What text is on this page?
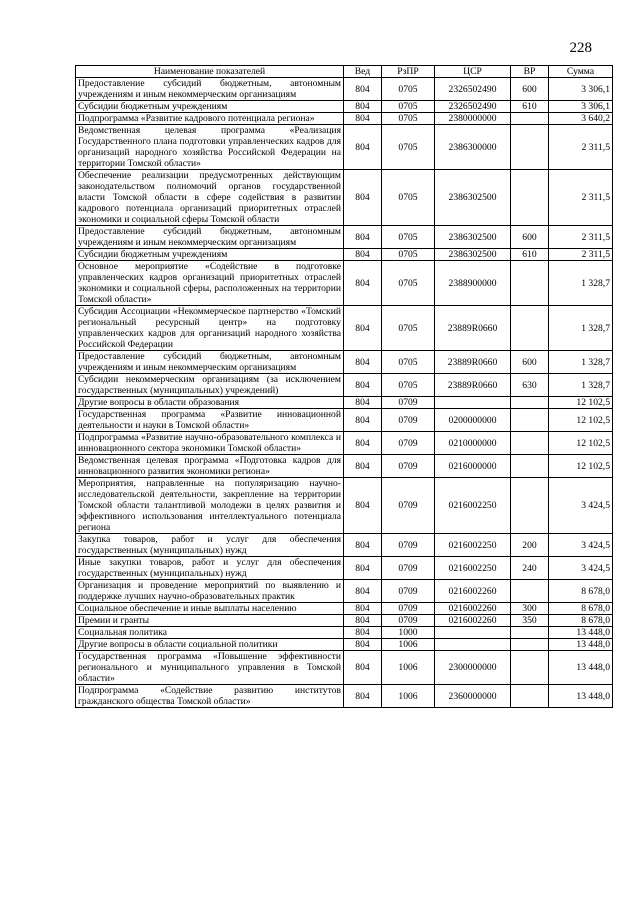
228
Наименование показателей	Вед	РзПР	ЦСР	ВР	Сумма
Предоставление субсидий бюджетным, автономным учреждениям и иным некоммерческим организациям	804	0705	2326502490	600	3 306,1
Субсидии бюджетным учреждениям	804	0705	2326502490	610	3 306,1
Подпрограмма «Развитие кадрового потенциала региона»	804	0705	2380000000		3 640,2
Ведомственная целевая программа «Реализация Государственного плана подготовки управленческих кадров для организаций народного хозяйства Российской Федерации на территории Томской области»	804	0705	2386300000		2 311,5
Обеспечение реализации предусмотренных действующим законодательством полномочий органов государственной власти Томской области в сфере содействия в развитии кадрового потенциала организаций приоритетных отраслей экономики и социальной сферы Томской области	804	0705	2386302500		2 311,5
Предоставление субсидий бюджетным, автономным учреждениям и иным некоммерческим организациям	804	0705	2386302500	600	2 311,5
Субсидии бюджетным учреждениям	804	0705	2386302500	610	2 311,5
Основное мероприятие «Содействие в подготовке управленческих кадров организаций приоритетных отраслей экономики и социальной сферы, расположенных на территории Томской области»	804	0705	2388900000		1 328,7
Субсидия Ассоциации «Некоммерческое партнерство «Томский региональный ресурсный центр» на подготовку управленческих кадров для организаций народного хозяйства Российской Федерации	804	0705	23889R0660		1 328,7
Предоставление субсидий бюджетным, автономным учреждениям и иным некоммерческим организациям	804	0705	23889R0660	600	1 328,7
Субсидии некоммерческим организациям (за исключением государственных (муниципальных) учреждений)	804	0705	23889R0660	630	1 328,7
Другие вопросы в области образования	804	0709			12 102,5
Государственная программа «Развитие инновационной деятельности и науки в Томской области»	804	0709	0200000000		12 102,5
Подпрограмма «Развитие научно-образовательного комплекса и инновационного сектора экономики Томской области»	804	0709	0210000000		12 102,5
Ведомственная целевая программа «Подготовка кадров для инновационного развития экономики региона»	804	0709	0216000000		12 102,5
Мероприятия, направленные на популяризацию научно-исследовательской деятельности, закрепление на территории Томской области талантливой молодежи в целях развития и эффективного использования интеллектуального потенциала региона	804	0709	0216002250		3 424,5
Закупка товаров, работ и услуг для обеспечения государственных (муниципальных) нужд	804	0709	0216002250	200	3 424,5
Иные закупки товаров, работ и услуг для обеспечения государственных (муниципальных) нужд	804	0709	0216002250	240	3 424,5
Организация и проведение мероприятий по выявлению и поддержке лучших научно-образовательных практик	804	0709	0216002260		8 678,0
Социальное обеспечение и иные выплаты населению	804	0709	0216002260	300	8 678,0
Премии и гранты	804	0709	0216002260	350	8 678,0
Социальная политика	804	1000			13 448,0
Другие вопросы в области социальной политики	804	1006			13 448,0
Государственная программа «Повышение эффективности регионального и муниципального управления в Томской области»	804	1006	2300000000		13 448,0
Подпрограмма «Содействие развитию институтов гражданского общества Томской области»	804	1006	2360000000		13 448,0
